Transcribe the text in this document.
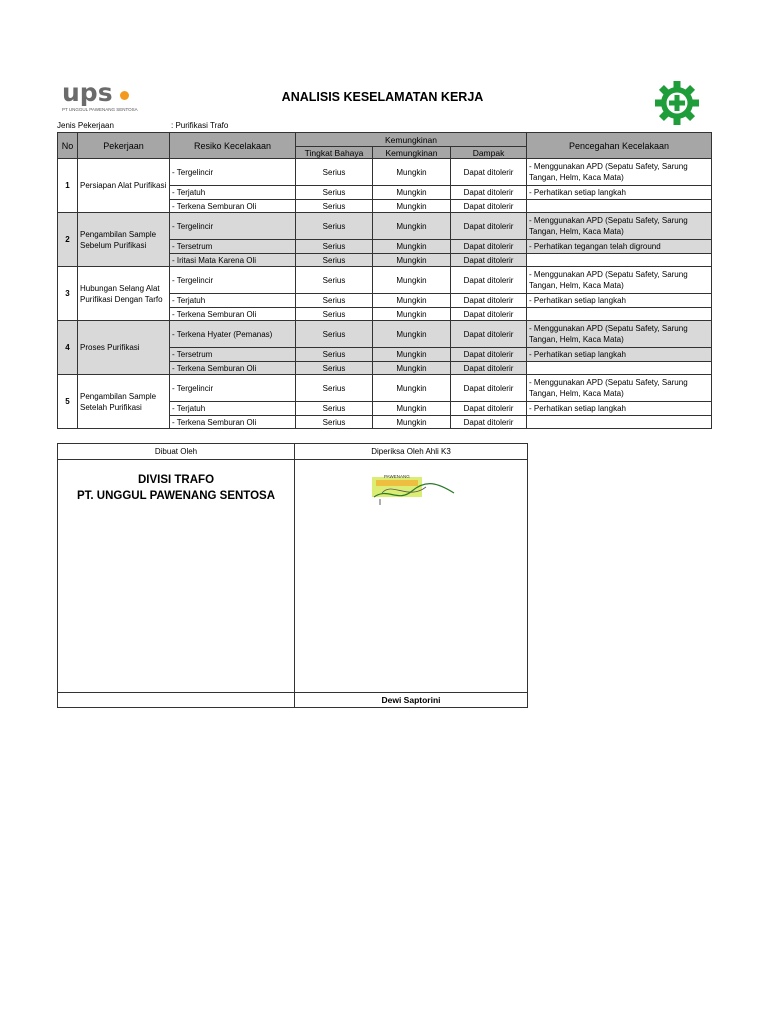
ups
PT UNGGUL PAWENANG SENTOSA
ANALISIS KESELAMATAN KERJA
Jenis Pekerjaan	: Purifikasi Trafo
No	Pekerjaan	Resiko Kecelakaan	Kemungkinan			Pencegahan Kecelakaan
			Tingkat Bahaya	Kemungkinan	Dampak	
1	Persiapan Alat Purifikasi	- Tergelincir	Serius	Mungkin	Dapat ditolerir	- Menggunakan APD (Sepatu Safety, Sarung Tangan, Helm, Kaca Mata)
		- Terjatuh	Serius	Mungkin	Dapat ditolerir	- Perhatikan setiap langkah
		- Terkena Semburan Oli	Serius	Mungkin	Dapat ditolerir	
2	Pengambilan Sample Sebelum Purifikasi	- Tergelincir	Serius	Mungkin	Dapat ditolerir	- Menggunakan APD (Sepatu Safety, Sarung Tangan, Helm, Kaca Mata)
		- Tersetrum	Serius	Mungkin	Dapat ditolerir	- Perhatikan tegangan telah diground
		- Iritasi Mata Karena Oli	Serius	Mungkin	Dapat ditolerir	
3	Hubungan Selang Alat Purifikasi Dengan Tarfo	- Tergelincir	Serius	Mungkin	Dapat ditolerir	- Menggunakan APD (Sepatu Safety, Sarung Tangan, Helm, Kaca Mata)
		- Terjatuh	Serius	Mungkin	Dapat ditolerir	- Perhatikan setiap langkah
		- Terkena Semburan Oli	Serius	Mungkin	Dapat ditolerir	
4	Proses Purifikasi	- Terkena Hyater (Pemanas)	Serius	Mungkin	Dapat ditolerir	- Menggunakan APD (Sepatu Safety, Sarung Tangan, Helm, Kaca Mata)
		- Tersetrum	Serius	Mungkin	Dapat ditolerir	- Perhatikan setiap langkah
		- Terkena Semburan Oli	Serius	Mungkin	Dapat ditolerir	
5	Pengambilan Sample Setelah Purifikasi	- Tergelincir	Serius	Mungkin	Dapat ditolerir	- Menggunakan APD (Sepatu Safety, Sarung Tangan, Helm, Kaca Mata)
		- Terjatuh	Serius	Mungkin	Dapat ditolerir	- Perhatikan setiap langkah
		- Terkena Semburan Oli	Serius	Mungkin	Dapat ditolerir	
Dibuat Oleh	Diperiksa Oleh Ahli K3

DIVISI TRAFO
PT. UNGGUL PAWENANG SENTOSA	PAWENANG

	Dewi Saptorini
